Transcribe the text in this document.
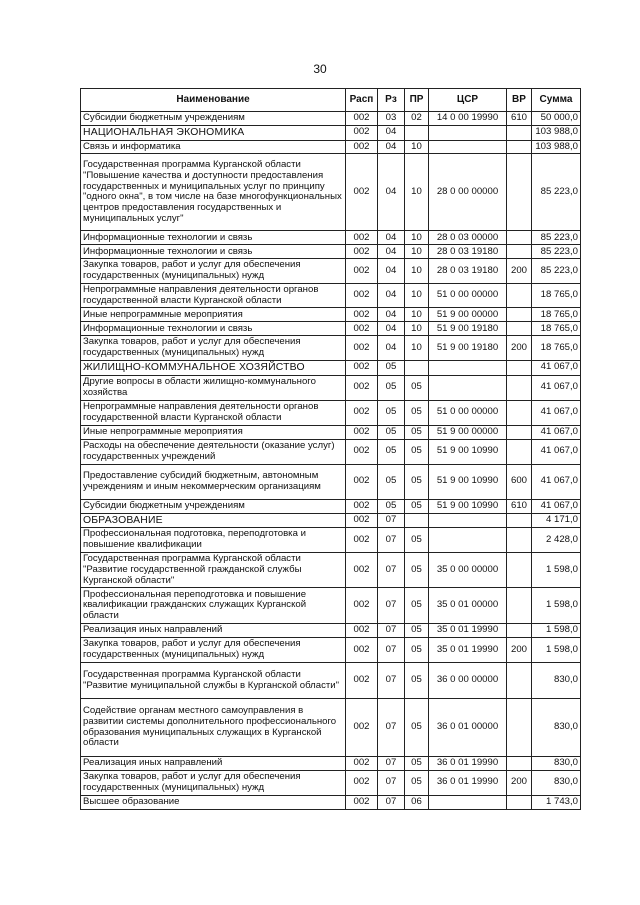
30
Наименование	Расп	Рз	ПР	ЦСР	ВР	Сумма
Субсидии бюджетным учреждениям	002	03	02	14 0 00 19990	610	50 000,0
НАЦИОНАЛЬНАЯ ЭКОНОМИКА	002	04				103 988,0
Связь и информатика	002	04	10			103 988,0
Государственная программа Курганской области "Повышение качества и доступности предоставления государственных и муниципальных услуг по принципу "одного окна", в том числе на базе многофункциональных центров предоставления государственных и муниципальных услуг"	002	04	10	28 0 00 00000		85 223,0
Информационные технологии и связь	002	04	10	28 0 03 00000		85 223,0
Информационные технологии и связь	002	04	10	28 0 03 19180		85 223,0
Закупка товаров, работ и услуг для обеспечения государственных (муниципальных) нужд	002	04	10	28 0 03 19180	200	85 223,0
Непрограммные направления деятельности органов государственной власти Курганской области	002	04	10	51 0 00 00000		18 765,0
Иные непрограммные мероприятия	002	04	10	51 9 00 00000		18 765,0
Информационные технологии и связь	002	04	10	51 9 00 19180		18 765,0
Закупка товаров, работ и услуг для обеспечения государственных (муниципальных) нужд	002	04	10	51 9 00 19180	200	18 765,0
ЖИЛИЩНО-КОММУНАЛЬНОЕ ХОЗЯЙСТВО	002	05				41 067,0
Другие вопросы в области жилищно-коммунального хозяйства	002	05	05			41 067,0
Непрограммные направления деятельности органов государственной власти Курганской области	002	05	05	51 0 00 00000		41 067,0
Иные непрограммные мероприятия	002	05	05	51 9 00 00000		41 067,0
Расходы на обеспечение деятельности (оказание услуг) государственных учреждений	002	05	05	51 9 00 10990		41 067,0
Предоставление субсидий бюджетным, автономным учреждениям и иным некоммерческим организациям	002	05	05	51 9 00 10990	600	41 067,0
Субсидии бюджетным учреждениям	002	05	05	51 9 00 10990	610	41 067,0
ОБРАЗОВАНИЕ	002	07				4 171,0
Профессиональная подготовка, переподготовка и повышение квалификации	002	07	05			2 428,0
Государственная программа Курганской области "Развитие государственной гражданской службы Курганской области"	002	07	05	35 0 00 00000		1 598,0
Профессиональная переподготовка и повышение квалификации гражданских служащих Курганской области	002	07	05	35 0 01 00000		1 598,0
Реализация иных направлений	002	07	05	35 0 01 19990		1 598,0
Закупка товаров, работ и услуг для обеспечения государственных (муниципальных) нужд	002	07	05	35 0 01 19990	200	1 598,0
Государственная программа Курганской области "Развитие муниципальной службы в Курганской области"	002	07	05	36 0 00 00000		830,0
Содействие органам местного самоуправления в развитии системы дополнительного профессионального образования муниципальных служащих в Курганской области	002	07	05	36 0 01 00000		830,0
Реализация иных направлений	002	07	05	36 0 01 19990		830,0
Закупка товаров, работ и услуг для обеспечения государственных (муниципальных) нужд	002	07	05	36 0 01 19990	200	830,0
Высшее образование	002	07	06			1 743,0
